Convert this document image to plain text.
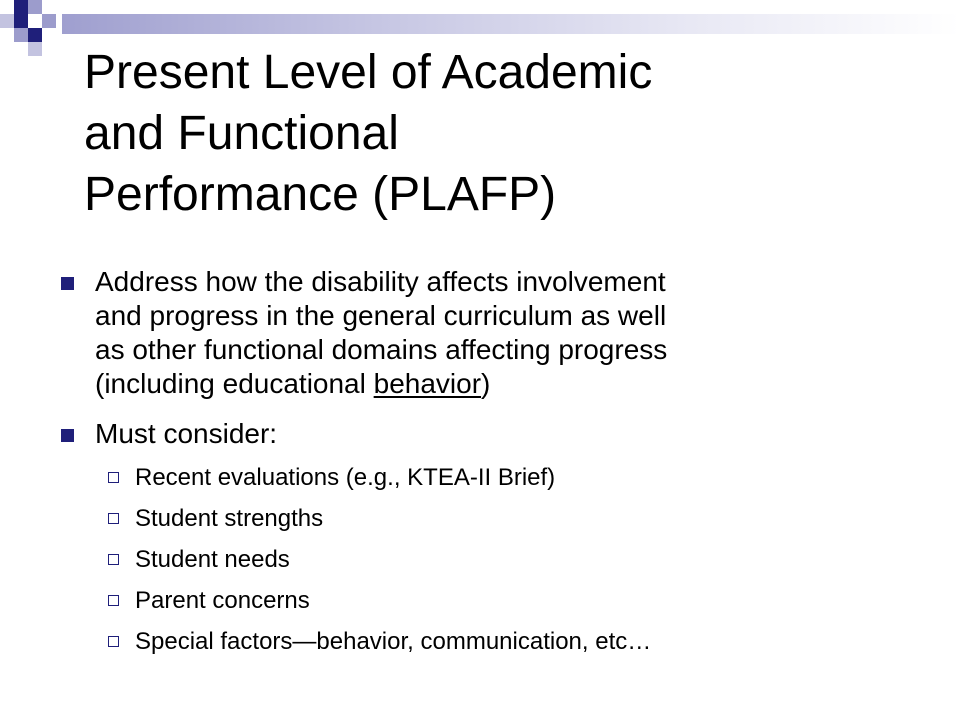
Present Level of Academic
and Functional
Performance (PLAFP)
Address how the disability affects involvement
and progress in the general curriculum as well
as other functional domains affecting progress
(including educational behavior)
Must consider:
Recent evaluations (e.g., KTEA-II Brief)
Student strengths
Student needs
Parent concerns
Special factors—behavior, communication, etc…
